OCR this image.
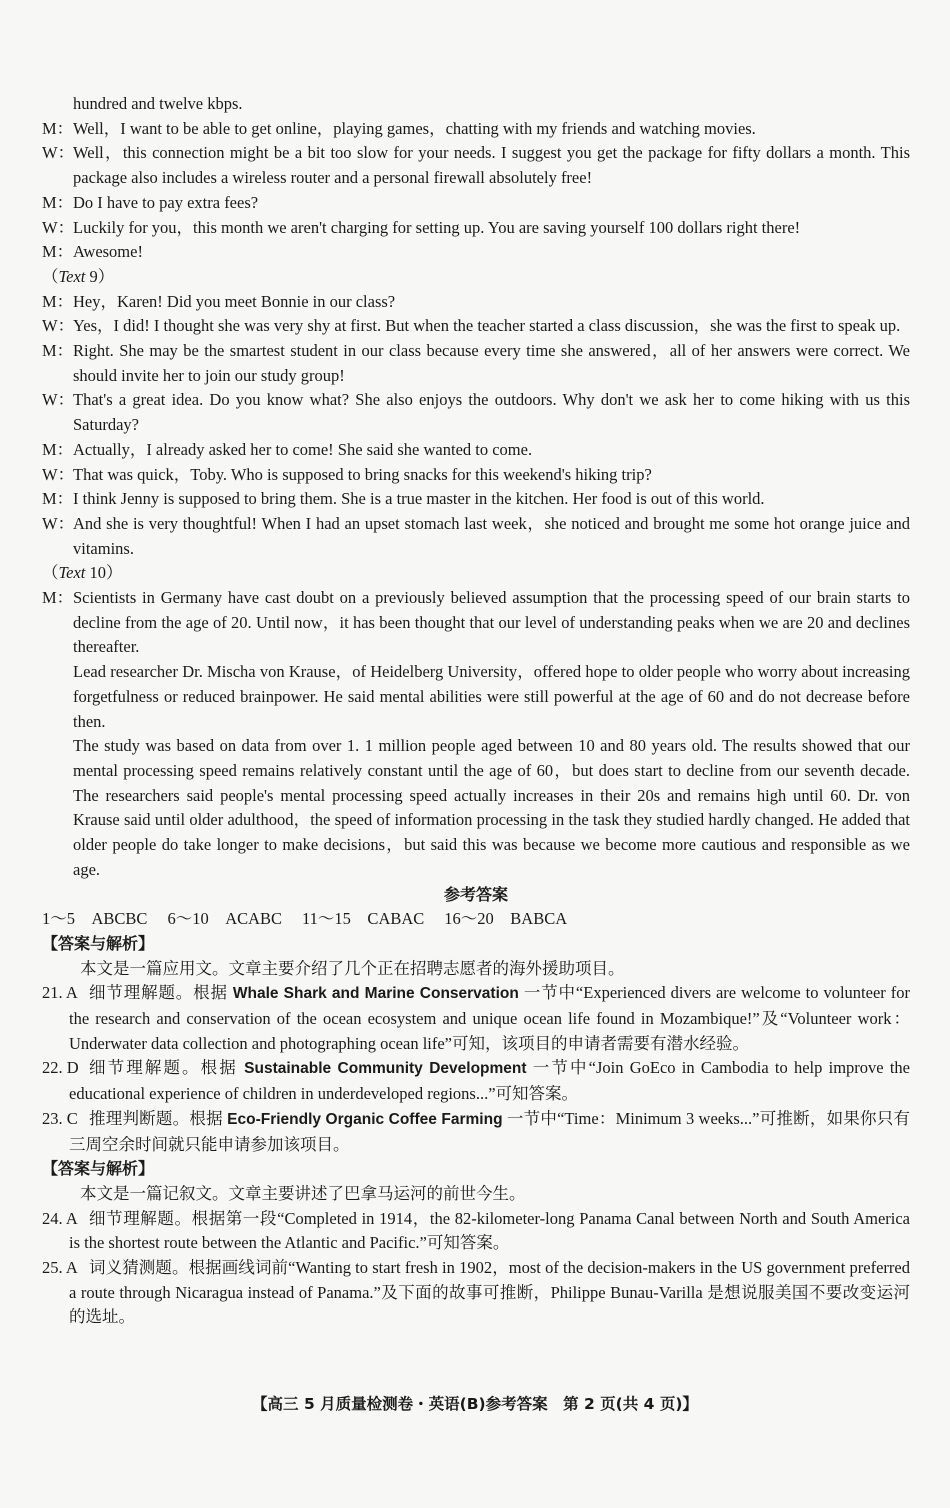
hundred and twelve kbps.
M： Well，I want to be able to get online，playing games，chatting with my friends and watching movies.
W：
Well，this connection might be a bit too slow for your needs. I suggest you get the package for fifty dollars a month. This package also includes a wireless router and a personal firewall absolutely free!
M： Do I have to pay extra fees?
W：
Luckily for you，this month we aren't charging for setting up. You are saving yourself 100 dollars right there!
M： Awesome!
（Text 9）
M： Hey，Karen! Did you meet Bonnie in our class?
W：
Yes，I did! I thought she was very shy at first. But when the teacher started a class discussion，she was the first to speak up.
M： Right. She may be the smartest student in our class because every time she answered，all of her answers were correct. We should invite her to join our study group!
W：
That's a great idea. Do you know what? She also enjoys the outdoors. Why don't we ask her to come hiking with us this Saturday?
M： Actually，I already asked her to come! She said she wanted to come.
W：
That was quick，Toby. Who is supposed to bring snacks for this weekend's hiking trip?
M： I think Jenny is supposed to bring them. She is a true master in the kitchen. Her food is out of this world.
W：
And she is very thoughtful! When I had an upset stomach last week，she noticed and brought me some hot orange juice and vitamins.
（Text 10）
M： Scientists in Germany have cast doubt on a previously believed assumption that the processing speed of our brain starts to decline from the age of 20. Until now，it has been thought that our level of understanding peaks when we are 20 and declines thereafter.
Lead researcher Dr. Mischa von Krause，of Heidelberg University，offered hope to older people who worry about increasing forgetfulness or reduced brainpower. He said mental abilities were still powerful at the age of 60 and do not decrease before then.
The study was based on data from over 1. 1 million people aged between 10 and 80 years old. The results showed that our mental processing speed remains relatively constant until the age of 60，but does start to decline from our seventh decade. The researchers said people's mental processing speed actually increases in their 20s and remains high until 60. Dr. von Krause said until older adulthood，the speed of information processing in the task they studied hardly changed. He added that older people do take longer to make decisions，but said this was because we become more cautious and responsible as we age.
参考答案
1～5　ABCBC 6～10　ACABC 11～15　CABAC 16～20　BABCA
【答案与解析】
本文是一篇应用文。文章主要介绍了几个正在招聘志愿者的海外援助项目。
21. A 细节理解题。根据 Whale Shark and Marine Conservation 一节中“Experienced divers are welcome to volunteer for the research and conservation of the ocean ecosystem and unique ocean life found in Mozambique!”及“Volunteer work：Underwater data collection and photographing ocean life”可知，该项目的申请者需要有潜水经验。
22. D 细节理解题。根据 Sustainable Community Development 一节中“Join GoEco in Cambodia to help improve the educational experience of children in underdeveloped regions...”可知答案。
23. C 推理判断题。根据 Eco-Friendly Organic Coffee Farming 一节中“Time：Minimum 3 weeks...”可推断，如果你只有三周空余时间就只能申请参加该项目。
【答案与解析】
本文是一篇记叙文。文章主要讲述了巴拿马运河的前世今生。
24. A 细节理解题。根据第一段“Completed in 1914，the 82-kilometer-long Panama Canal between North and South America is the shortest route between the Atlantic and Pacific.”可知答案。
25. A 词义猜测题。根据画线词前“Wanting to start fresh in 1902，most of the decision-makers in the US government preferred a route through Nicaragua instead of Panama.”及下面的故事可推断，Philippe Bunau-Varilla 是想说服美国不要改变运河的选址。
【高三 5 月质量检测卷・英语(B)参考答案　第 2 页(共 4 页)】
